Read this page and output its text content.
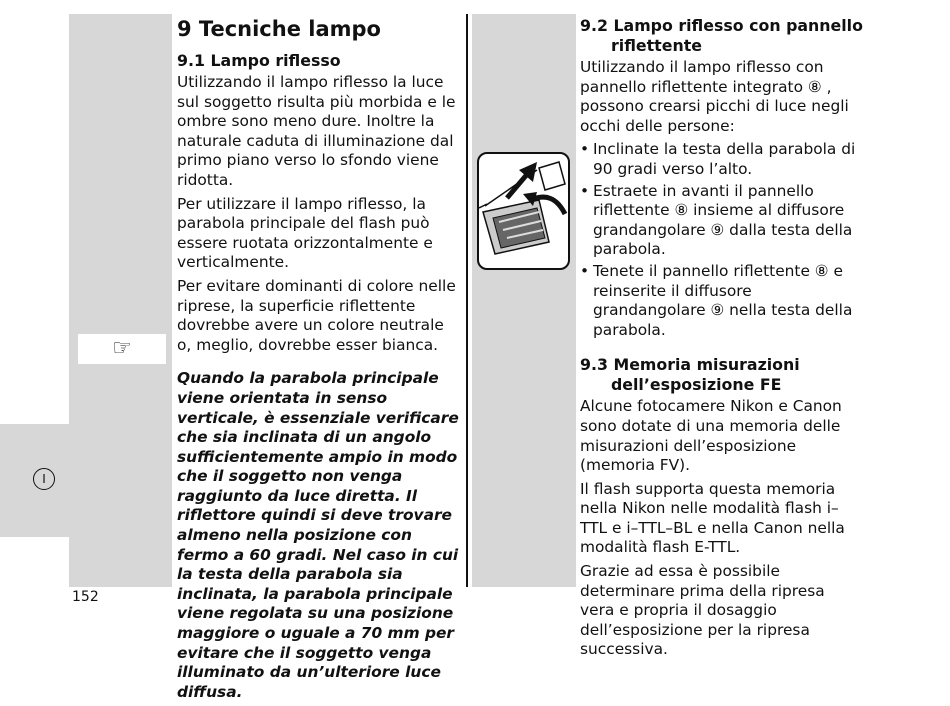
☞
I
9 Tecniche lampo
9.1 Lampo riflesso

Utilizzando il lampo riflesso la luce sul soggetto risulta più morbida e le ombre sono meno dure. Inoltre la naturale caduta di illuminazione dal primo piano verso lo sfondo viene ridotta.

Per utilizzare il lampo riflesso, la parabola principale del flash può essere ruotata orizzontalmente e verticalmente.

Per evitare dominanti di colore nelle riprese, la superficie riflettente dovrebbe avere un colore neutrale o, meglio, dovrebbe esser bianca.

Quando la parabola principale viene orientata in senso verticale, è essenziale verificare che sia inclinata di un angolo sufficientemente ampio in modo che il soggetto non venga raggiunto da luce diretta. Il riflettore quindi si deve trovare almeno nella posizione con fermo a 60 gradi. Nel caso in cui la testa della parabola sia inclinata, la parabola principale viene regolata su una posizione maggiore o uguale a 70 mm per evitare che il soggetto venga illuminato da un’ulteriore luce diffusa.

9.2 Lampo riflesso con pannello riflettente

Utilizzando il lampo riflesso con pannello riflettente integrato ⑧ , possono crearsi picchi di luce negli occhi delle persone:

• Inclinate la testa della parabola di 90 gradi verso l’alto.
• Estraete in avanti il pannello riflettente ⑧ insieme al diffusore grandangolare ⑨ dalla testa della parabola.
• Tenete il pannello riflettente ⑧ e reinserite il diffusore grandangolare ⑨ nella testa della parabola.
9.3 Memoria misurazioni dell’esposizione FE

Alcune fotocamere Nikon e Canon sono dotate di una memoria delle misurazioni dell’esposizione (memoria FV).

Il flash supporta questa memoria nella Nikon nelle modalità flash i–TTL e i–TTL–BL e nella Canon nella modalità flash E-TTL.

Grazie ad essa è possibile determinare prima della ripresa vera e propria il dosaggio dell’esposizione per la ripresa successiva.

152
